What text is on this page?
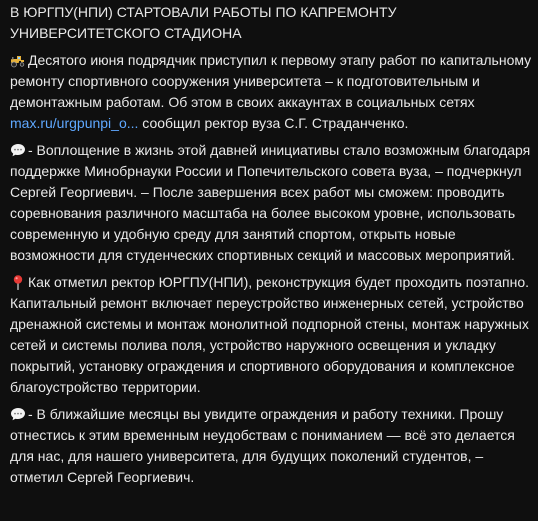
В ЮРГПУ(НПИ) СТАРТОВАЛИ РАБОТЫ ПО КАПРЕМОНТУ УНИВЕРСИТЕТСКОГО СТАДИОНА
Десятого июня подрядчик приступил к первому этапу работ по капитальному ремонту спортивного сооружения университета – к подготовительным и демонтажным работам. Об этом в своих аккаунтах в социальных сетях max.ru/urgpunpi_o... сообщил ректор вуза С.Г. Страданченко.
- Воплощение в жизнь этой давней инициативы стало возможным благодаря поддержке Минобрнауки России и Попечительского совета вуза, – подчеркнул Сергей Георгиевич. – После завершения всех работ мы сможем: проводить соревнования различного масштаба на более высоком уровне, использовать современную и удобную среду для занятий спортом, открыть новые возможности для студенческих спортивных секций и массовых мероприятий.
Как отметил ректор ЮРГПУ(НПИ), реконструкция будет проходить поэтапно. Капитальный ремонт включает переустройство инженерных сетей, устройство дренажной системы и монтаж монолитной подпорной стены, монтаж наружных сетей и системы полива поля, устройство наружного освещения и укладку покрытий, установку ограждения и спортивного оборудования и комплексное благоустройство территории.
- В ближайшие месяцы вы увидите ограждения и работу техники. Прошу отнестись к этим временным неудобствам с пониманием — всё это делается для нас, для нашего университета, для будущих поколений студентов, – отметил Сергей Георгиевич.
